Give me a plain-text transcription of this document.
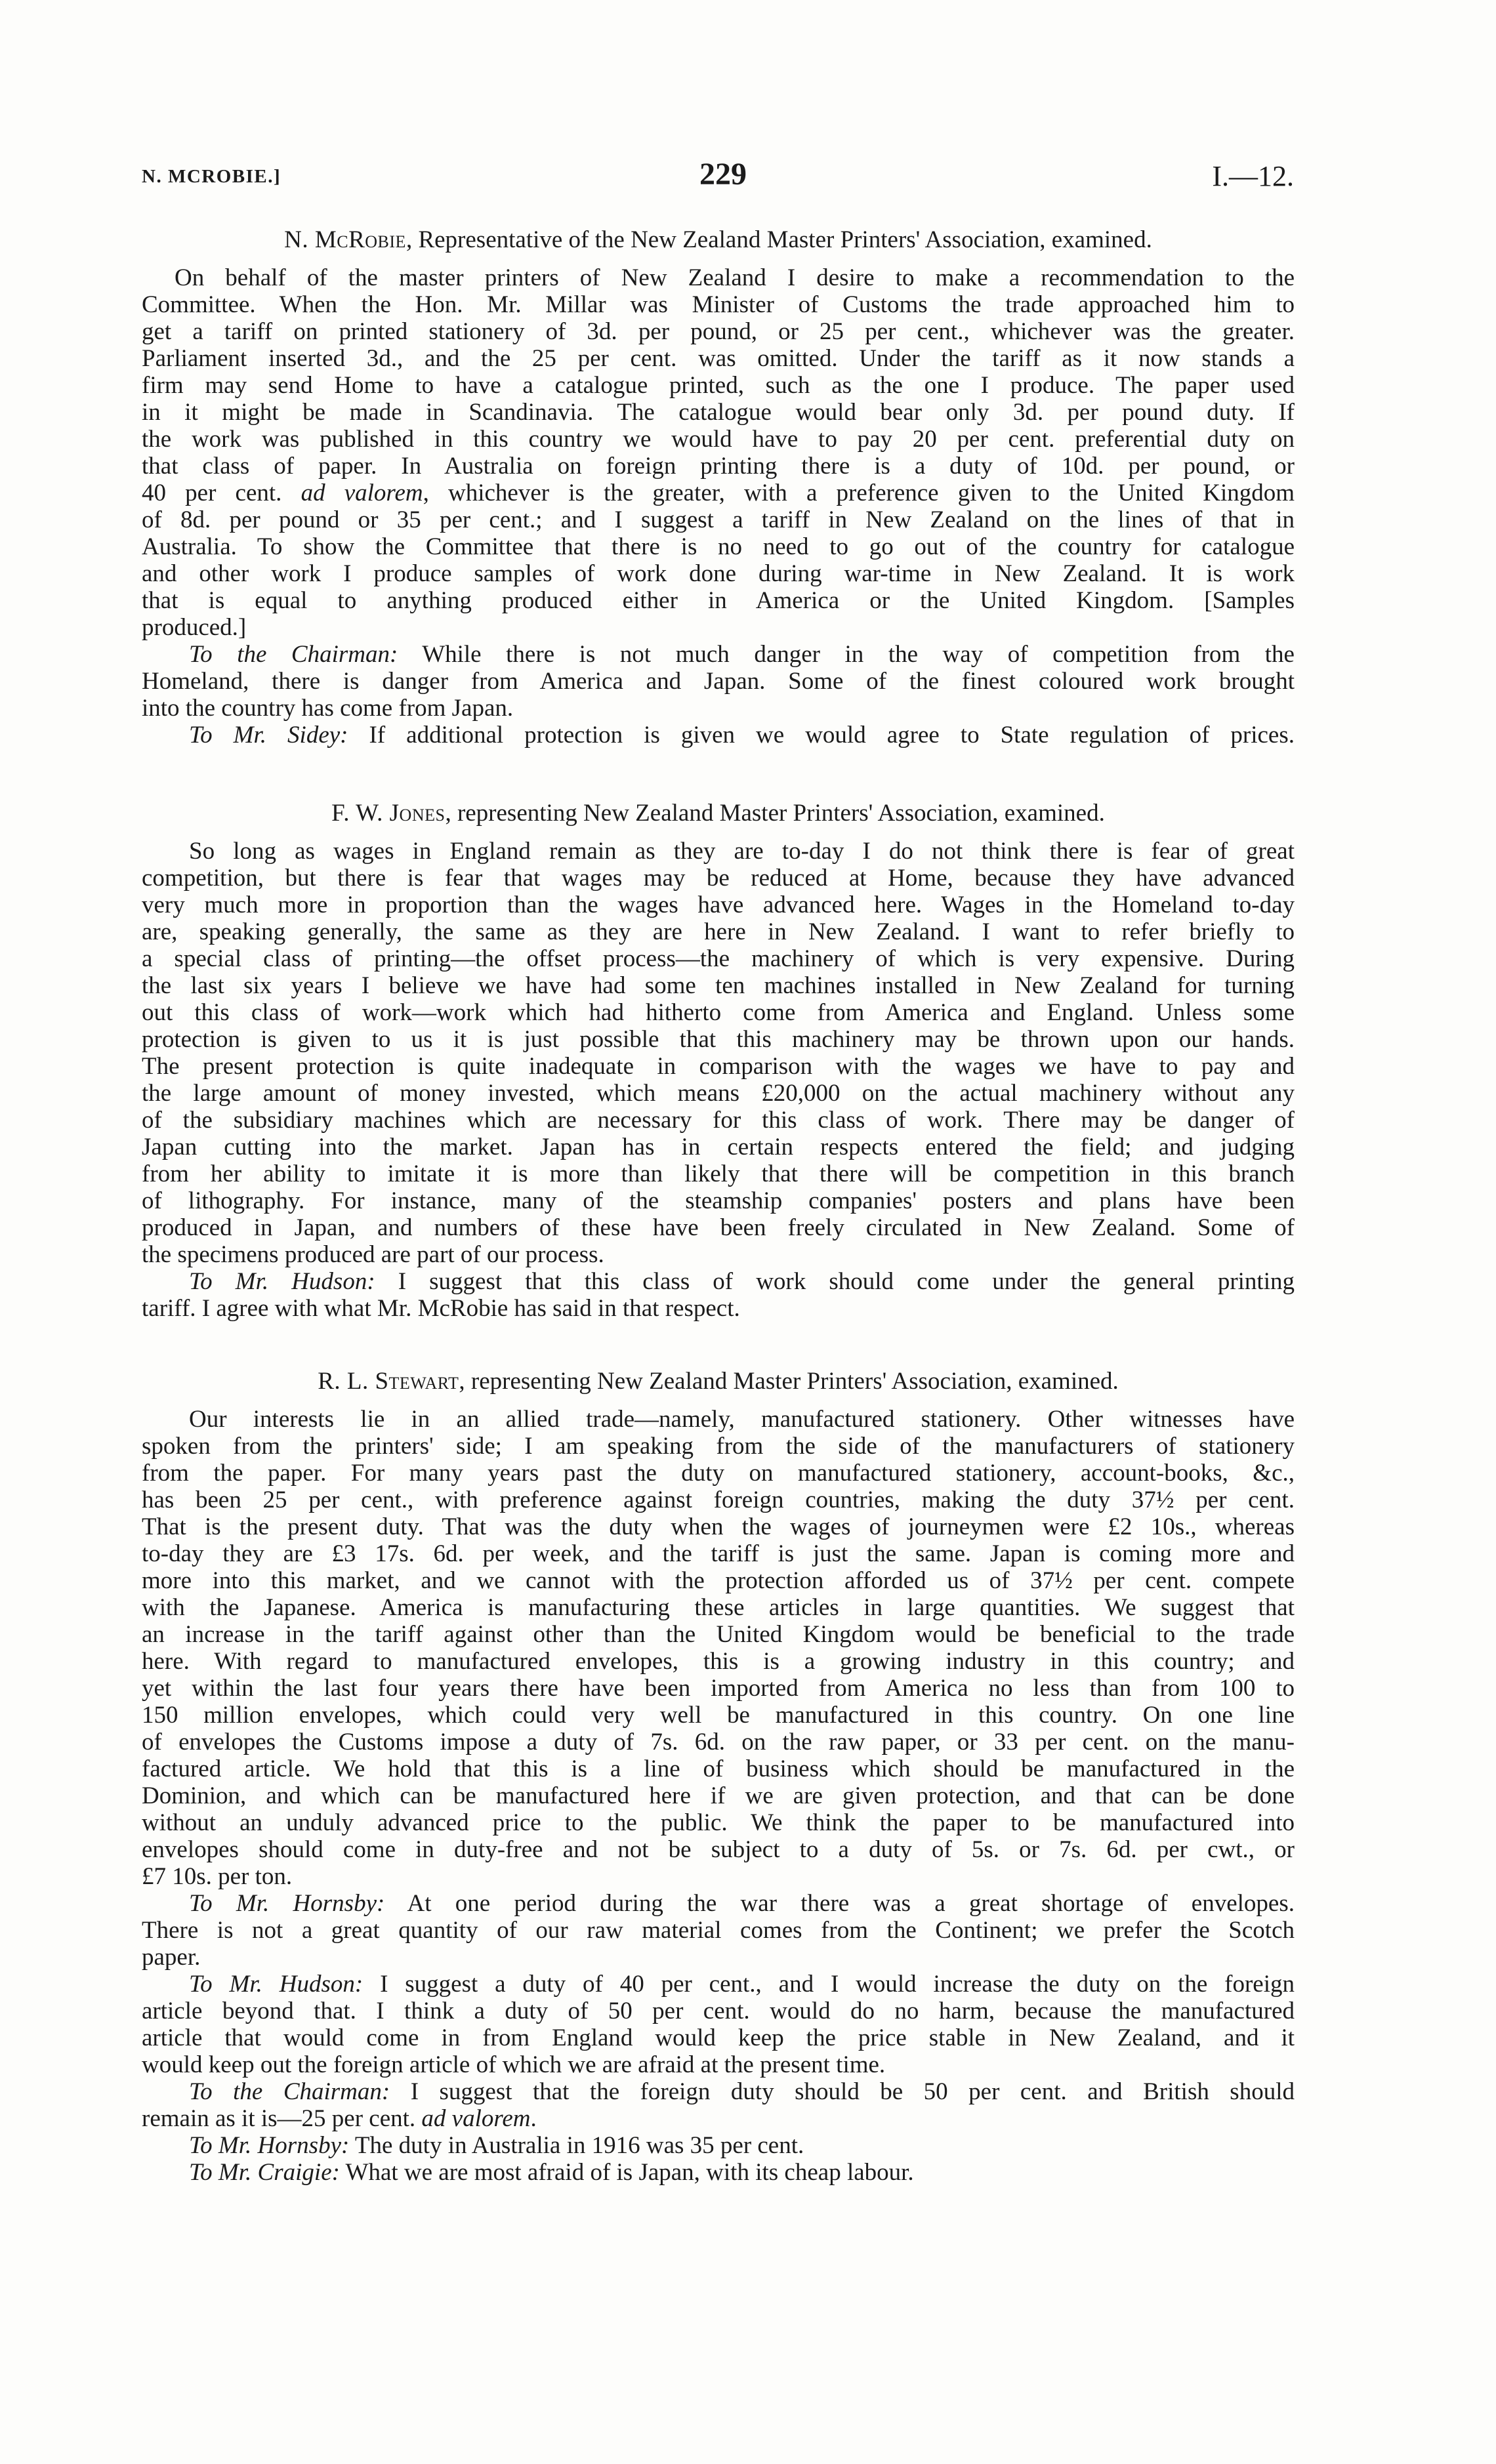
N. MCROBIE.]	229	I.—12.
N. McRobie, Representative of the New Zealand Master Printers' Association, examined.
On behalf of the master printers of New Zealand I desire to make a recommendation to the
Committee. When the Hon. Mr. Millar was Minister of Customs the trade approached him to
get a tariff on printed stationery of 3d. per pound, or 25 per cent., whichever was the greater.
Parliament inserted 3d., and the 25 per cent. was omitted. Under the tariff as it now stands a
firm may send Home to have a catalogue printed, such as the one I produce. The paper used
in it might be made in Scandinavia. The catalogue would bear only 3d. per pound duty. If
the work was published in this country we would have to pay 20 per cent. preferential duty on
that class of paper. In Australia on foreign printing there is a duty of 10d. per pound, or
40 per cent. ad valorem, whichever is the greater, with a preference given to the United Kingdom
of 8d. per pound or 35 per cent.; and I suggest a tariff in New Zealand on the lines of that in
Australia. To show the Committee that there is no need to go out of the country for catalogue
and other work I produce samples of work done during war-time in New Zealand. It is work
that is equal to anything produced either in America or the United Kingdom. [Samples
produced.]
To the Chairman: While there is not much danger in the way of competition from the
Homeland, there is danger from America and Japan. Some of the finest coloured work brought
into the country has come from Japan.
To Mr. Sidey: If additional protection is given we would agree to State regulation of prices.
F. W. Jones, representing New Zealand Master Printers' Association, examined.
So long as wages in England remain as they are to-day I do not think there is fear of great
competition, but there is fear that wages may be reduced at Home, because they have advanced
very much more in proportion than the wages have advanced here. Wages in the Homeland to-day
are, speaking generally, the same as they are here in New Zealand. I want to refer briefly to
a special class of printing—the offset process—the machinery of which is very expensive. During
the last six years I believe we have had some ten machines installed in New Zealand for turning
out this class of work—work which had hitherto come from America and England. Unless some
protection is given to us it is just possible that this machinery may be thrown upon our hands.
The present protection is quite inadequate in comparison with the wages we have to pay and
the large amount of money invested, which means £20,000 on the actual machinery without any
of the subsidiary machines which are necessary for this class of work. There may be danger of
Japan cutting into the market. Japan has in certain respects entered the field; and judging
from her ability to imitate it is more than likely that there will be competition in this branch
of lithography. For instance, many of the steamship companies' posters and plans have been
produced in Japan, and numbers of these have been freely circulated in New Zealand. Some of
the specimens produced are part of our process.
To Mr. Hudson: I suggest that this class of work should come under the general printing
tariff. I agree with what Mr. McRobie has said in that respect.
R. L. Stewart, representing New Zealand Master Printers' Association, examined.
Our interests lie in an allied trade—namely, manufactured stationery. Other witnesses have
spoken from the printers' side; I am speaking from the side of the manufacturers of stationery
from the paper. For many years past the duty on manufactured stationery, account-books, &c.,
has been 25 per cent., with preference against foreign countries, making the duty 37½ per cent.
That is the present duty. That was the duty when the wages of journeymen were £2 10s., whereas
to-day they are £3 17s. 6d. per week, and the tariff is just the same. Japan is coming more and
more into this market, and we cannot with the protection afforded us of 37½ per cent. compete
with the Japanese. America is manufacturing these articles in large quantities. We suggest that
an increase in the tariff against other than the United Kingdom would be beneficial to the trade
here. With regard to manufactured envelopes, this is a growing industry in this country; and
yet within the last four years there have been imported from America no less than from 100 to
150 million envelopes, which could very well be manufactured in this country. On one line
of envelopes the Customs impose a duty of 7s. 6d. on the raw paper, or 33 per cent. on the manu-
factured article. We hold that this is a line of business which should be manufactured in the
Dominion, and which can be manufactured here if we are given protection, and that can be done
without an unduly advanced price to the public. We think the paper to be manufactured into
envelopes should come in duty-free and not be subject to a duty of 5s. or 7s. 6d. per cwt., or
£7 10s. per ton.
To Mr. Hornsby: At one period during the war there was a great shortage of envelopes.
There is not a great quantity of our raw material comes from the Continent; we prefer the Scotch
paper.
To Mr. Hudson: I suggest a duty of 40 per cent., and I would increase the duty on the foreign
article beyond that. I think a duty of 50 per cent. would do no harm, because the manufactured
article that would come in from England would keep the price stable in New Zealand, and it
would keep out the foreign article of which we are afraid at the present time.
To the Chairman: I suggest that the foreign duty should be 50 per cent. and British should
remain as it is—25 per cent. ad valorem.
To Mr. Hornsby: The duty in Australia in 1916 was 35 per cent.
To Mr. Craigie: What we are most afraid of is Japan, with its cheap labour.
